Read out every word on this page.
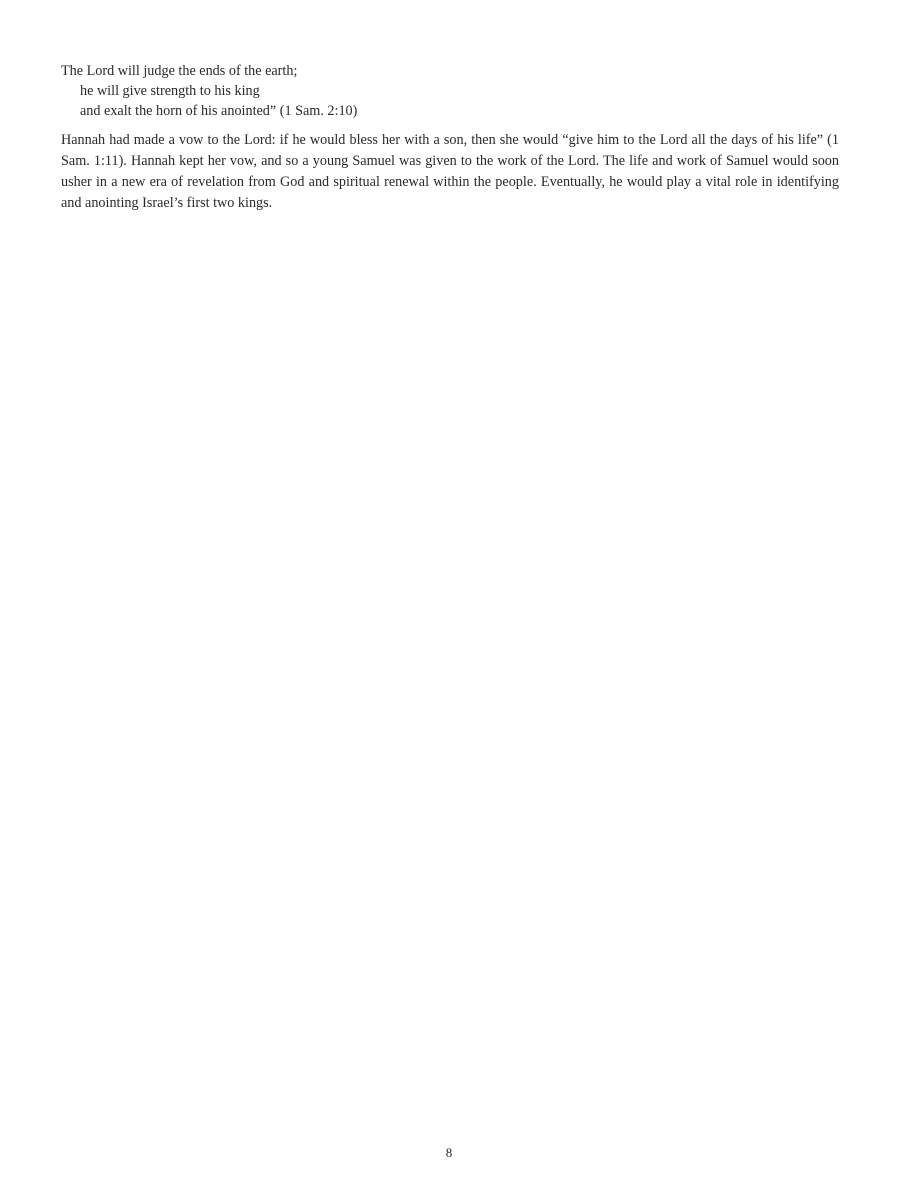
The Lord will judge the ends of the earth;
he will give strength to his king
and exalt the horn of his anointed” (1 Sam. 2:10)

Hannah had made a vow to the Lord: if he would bless her with a son, then she would “give him to the Lord all the days of his life” (1 Sam. 1:11). Hannah kept her vow, and so a young Samuel was given to the work of the Lord. The life and work of Samuel would soon usher in a new era of revelation from God and spiritual renewal within the people. Eventually, he would play a vital role in identifying and anointing Israel’s first two kings.

8
